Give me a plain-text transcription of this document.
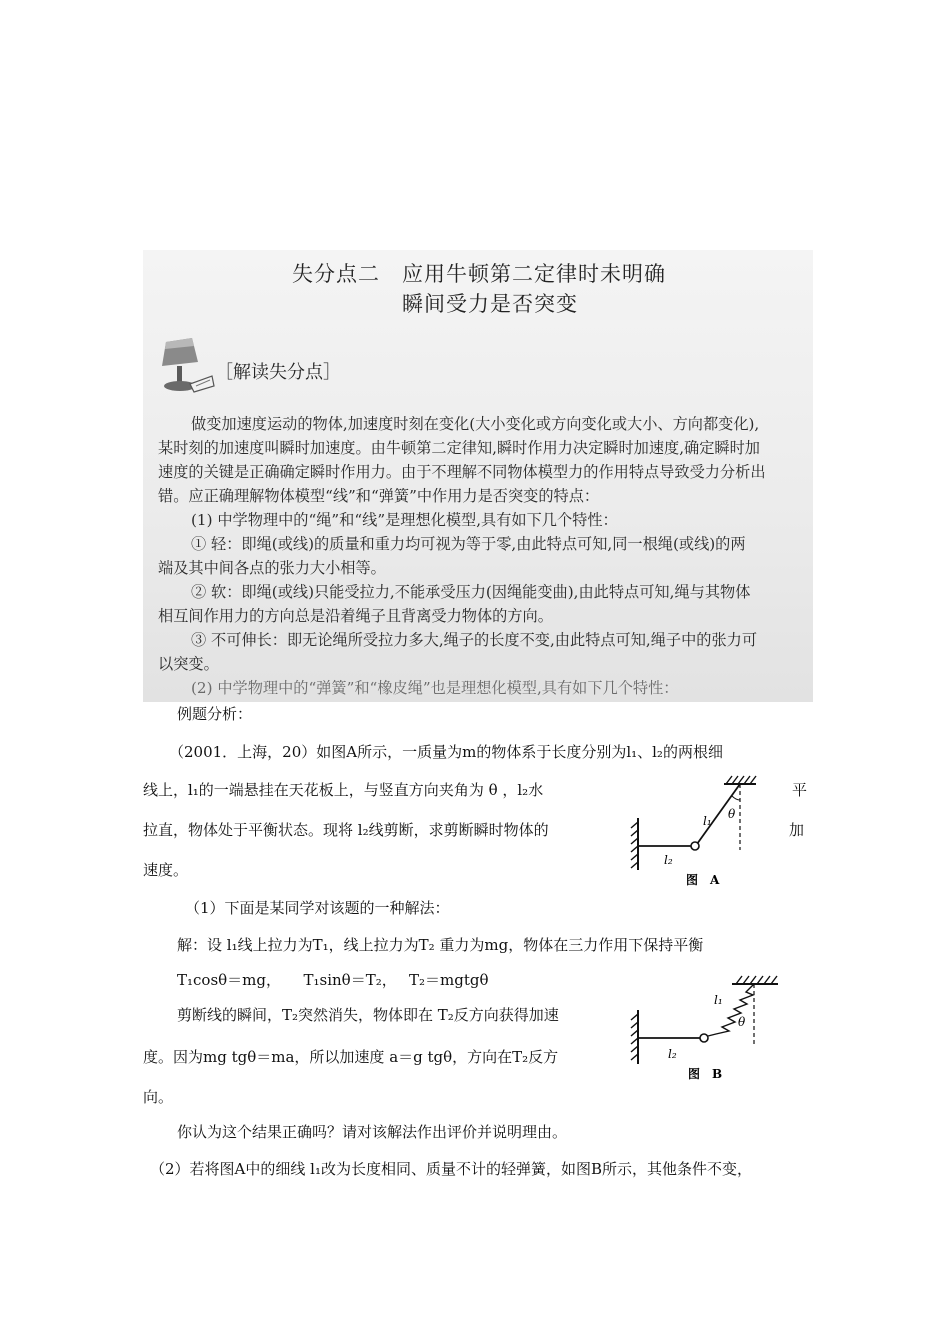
失分点二　应用牛顿第二定律时未明确
瞬间受力是否突变
［解读失分点］
做变加速度运动的物体,加速度时刻在变化(大小变化或方向变化或大小、方向都变化),
某时刻的加速度叫瞬时加速度。由牛顿第二定律知,瞬时作用力决定瞬时加速度,确定瞬时加
速度的关键是正确确定瞬时作用力。由于不理解不同物体模型力的作用特点导致受力分析出
错。应正确理解物体模型“线”和“弹簧”中作用力是否突变的特点：
(1) 中学物理中的“绳”和“线”是理想化模型,具有如下几个特性：
① 轻：即绳(或线)的质量和重力均可视为等于零,由此特点可知,同一根绳(或线)的两
端及其中间各点的张力大小相等。
② 软：即绳(或线)只能受拉力,不能承受压力(因绳能变曲),由此特点可知,绳与其物体
相互间作用力的方向总是沿着绳子且背离受力物体的方向。
③ 不可伸长：即无论绳所受拉力多大,绳子的长度不变,由此特点可知,绳子中的张力可
以突变。
(2) 中学物理中的“弹簧”和“橡皮绳”也是理想化模型,具有如下几个特性：
例题分析：
（2001．上海，20）如图A所示，一质量为m的物体系于长度分别为l₁、l₂的两根细
线上，l₁的一端悬挂在天花板上，与竖直方向夹角为 θ ，l₂水	平
拉直，物体处于平衡状态。现将 l₂线剪断，求剪断瞬时物体的	加
速度。
l₁ θ
l₂
图　A
（1）下面是某同学对该题的一种解法：
解：设 l₁线上拉力为T₁，线上拉力为T₂ 重力为mg，物体在三力作用下保持平衡
T₁cosθ＝mg，　　T₁sinθ＝T₂，　 T₂＝mgtgθ
剪断线的瞬间，T₂突然消失，物体即在 T₂反方向获得加速
度。因为mg tgθ＝ma，所以加速度 a＝g tgθ，方向在T₂反方
向。
l₁
θ
l₂
图　B
你认为这个结果正确吗？请对该解法作出评价并说明理由。
（2）若将图A中的细线 l₁改为长度相同、质量不计的轻弹簧，如图B所示，其他条件不变，
